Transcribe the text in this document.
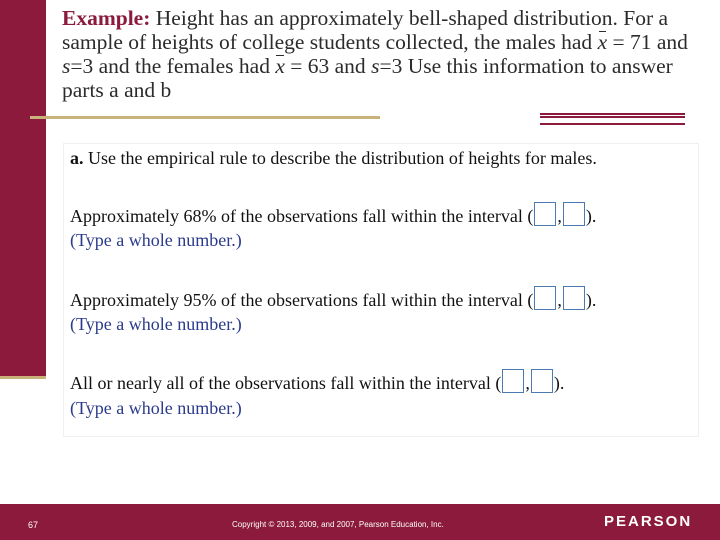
Example: Height has an approximately bell-shaped distribution. For a sample of heights of college students collected, the males had
x = 71 and s=3 and the females had
x = 63 and s=3 Use this information to answer parts a and b
a. Use the empirical rule to describe the distribution of heights for males.
Approximately 68% of the observations fall within the interval ( , ).
(Type a whole number.)
Approximately 95% of the observations fall within the interval ( , ).
(Type a whole number.)
All or nearly all of the observations fall within the interval ( , ).
(Type a whole number.)
67	Copyright © 2013, 2009, and 2007, Pearson Education, Inc.	PEARSON
